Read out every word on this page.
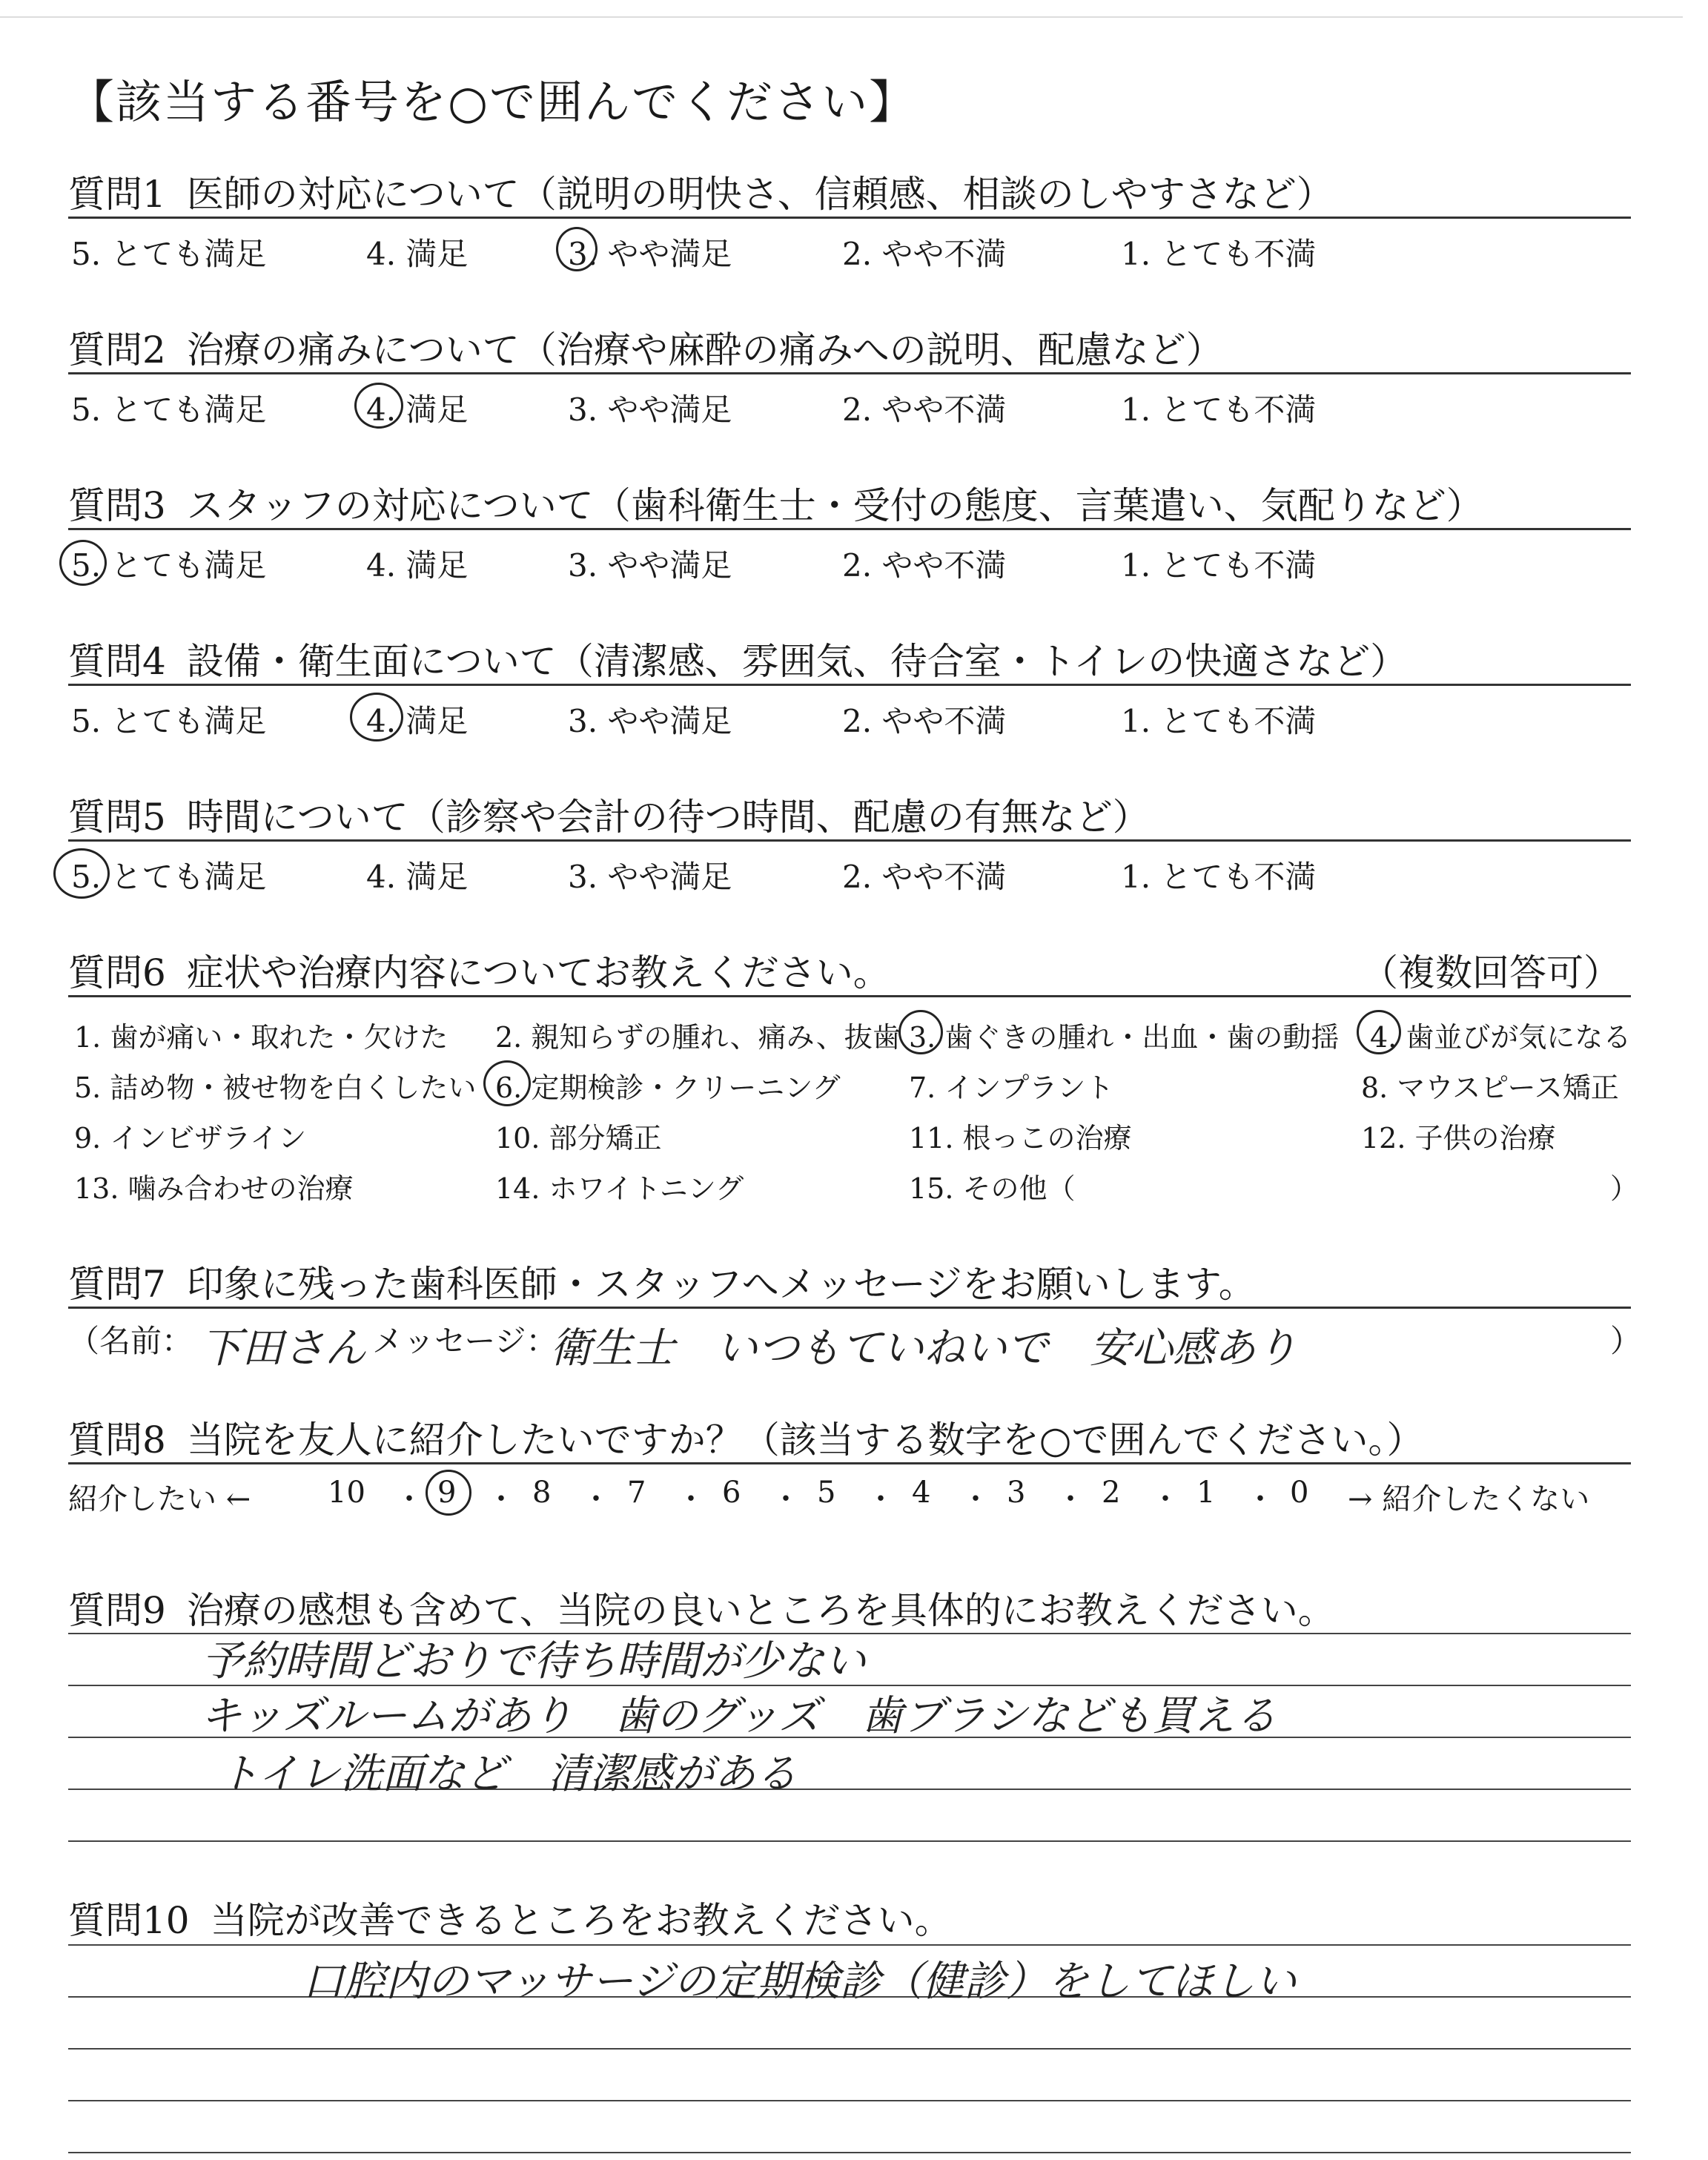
【該当する番号を○で囲んでください】
質問1 医師の対応について（説明の明快さ、信頼感、相談のしやすさなど）
5. とても満足	4. 満足	3. やや満足	2. やや不満	1. とても不満
質問2 治療の痛みについて（治療や麻酔の痛みへの説明、配慮など）
5. とても満足	4. 満足	3. やや満足	2. やや不満	1. とても不満
質問3 スタッフの対応について（歯科衛生士・受付の態度、言葉遣い、気配りなど）
5. とても満足	4. 満足	3. やや満足	2. やや不満	1. とても不満
質問4 設備・衛生面について（清潔感、雰囲気、待合室・トイレの快適さなど）
5. とても満足	4. 満足	3. やや満足	2. やや不満	1. とても不満
質問5 時間について（診察や会計の待つ時間、配慮の有無など）
5. とても満足	4. 満足	3. やや満足	2. やや不満	1. とても不満
質問6 症状や治療内容についてお教えください。	（複数回答可）
1. 歯が痛い・取れた・欠けた 2. 親知らずの腫れ、痛み、抜歯 3. 歯ぐきの腫れ・出血・歯の動揺 4. 歯並びが気になる
5. 詰め物・被せ物を白くしたい 6. 定期検診・クリーニング 7. インプラント	8. マウスピース矯正
9. インビザライン	10. 部分矯正	11. 根っこの治療	12. 子供の治療
13. 噛み合わせの治療	14. ホワイトニング	15. その他（	）
質問7 印象に残った歯科医師・スタッフへメッセージをお願いします。
（名前： 下田さん メッセージ：
衛生士　いつもていねいで　安心感あり	）
質問8 当院を友人に紹介したいですか？（該当する数字を○で囲んでください。）
紹介したい ←	→ 紹介したくない
10 ・ 9 ・ 8 ・ 7 ・ 6 ・ 5 ・ 4 ・ 3 ・ 2 ・ 1 ・ 0
質問9 治療の感想も含めて、当院の良いところを具体的にお教えください。
予約時間どおりで待ち時間が少ない
キッズルームがあり　歯のグッズ　歯ブラシなども買える
トイレ洗面など　清潔感がある
質問10 当院が改善できるところをお教えください。
口腔内のマッサージの定期検診（健診）をしてほしい
